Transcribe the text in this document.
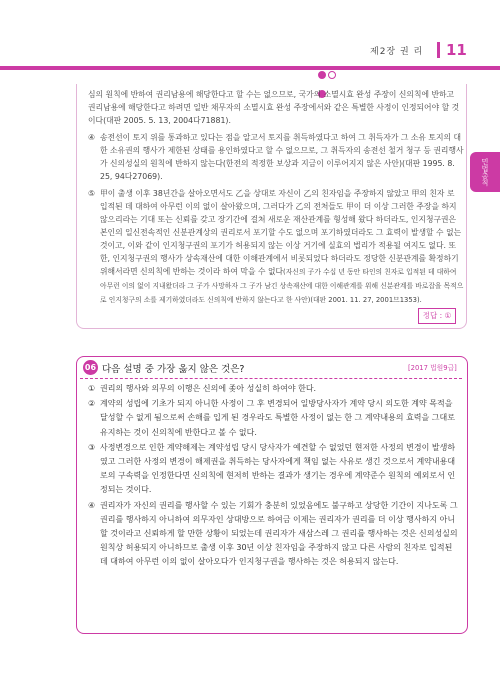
제2장 권 리 11
민법총칙

심의 원칙에 반하여 권리남용에 해당한다고 할 수는 없으므로, 국가의 소멸시효 완성 주장이 신의칙에 반하고 권리남용에 해당한다고 하려면 일반 채무자의 소멸시효 완성 주장에서와 같은 특별한 사정이 인정되어야 할 것이다(대판 2005. 5. 13, 2004다71881).

④ 송전선이 토지 위를 통과하고 있다는 점을 알고서 토지를 취득하였다고 하여 그 취득자가 그 소유 토지의 대한 소유권의 행사가 제한된 상태를 용인하였다고 할 수 없으므로, 그 취득자의 송전선 철거 청구 등 권리행사가 신의성실의 원칙에 반하지 않는다(한전의 적정한 보상과 지금이 이루어지지 않은 사안)(대판 1995. 8. 25, 94다27069).
⑤ 甲이 출생 이후 38년간을 살아오면서도 乙을 상대로 자신이 乙의 친자임을 주장하지 않았고 甲의 친자 로 입적된 데 대하여 아무런 이의 없이 살아왔으며, 그러다가 乙의 전처들도 甲이 더 이상 그러한 주장을 하지 않으리라는 기대 또는 신뢰를 갖고 장기간에 걸쳐 새로운 재산관계를 형성해 왔다 하더라도, 인지청구권은 본인의 일신전속적인 신분관계상의 권리로서 포기할 수도 없으며 포기하였더라도 그 효력이 발생할 수 없는 것이고, 이와 같이 인지청구권의 포기가 허용되지 않는 이상 거기에 실효의 법리가 적용될 여지도 없다. 또한, 인지청구권의 행사가 상속재산에 대한 이해관계에서 비롯되었다 하더라도 정당한 신분관계를 확정하기 위해서라면 신의칙에 반하는 것이라 하여 막을 수 없다(자신의 子가 수십 년 동안 타인의 친자로 입적된 데 대하여 아무런 이의 없이 지내왔더라 그 子가 사망하자 그 子가 남긴 상속재산에 대한 이해관계를 위해 신분관계를 바로잡을 목적으로 인지청구의 소를 제기하였더라도 신의칙에 반하지 않는다고 한 사안)(대판 2001. 11. 27, 2001므1353).
정답 : ①
06 다음 설명 중 가장 옳지 않은 것은?	[2017 법원9급]
① 권리의 행사와 의무의 이행은 신의에 좇아 성실히 하여야 한다.
② 계약의 성립에 기초가 되지 아니한 사정이 그 후 변경되어 일방당사자가 계약 당시 의도한 계약 목적을 달성할 수 없게 됨으로써 손해를 입게 된 경우라도 특별한 사정이 없는 한 그 계약내용의 효력을 그대로 유지하는 것이 신의칙에 반한다고 볼 수 없다.
③ 사정변경으로 인한 계약해제는 계약성립 당시 당사자가 예견할 수 없었던 현저한 사정의 변경이 발생하였고 그러한 사정의 변경이 해제권을 취득하는 당사자에게 책임 없는 사유로 생긴 것으로서 계약내용대로의 구속력을 인정한다면 신의칙에 현저히 반하는 결과가 생기는 경우에 계약준수 원칙의 예외로서 인정되는 것이다.
④ 권리자가 자신의 권리를 행사할 수 있는 기회가 충분히 있었음에도 불구하고 상당한 기간이 지나도록 그 권리를 행사하지 아니하여 의무자인 상대방으로 하여금 이제는 권리자가 권리를 더 이상 행사하지 아니할 것이라고 신뢰하게 할 만한 상황이 되었는데 권리자가 새삼스레 그 권리를 행사하는 것은 신의성실의 원칙상 허용되지 아니하므로 출생 이후 30년 이상 친자임을 주장하지 않고 다른 사람의 친자로 입적된 데 대하여 아무런 이의 없이 살아오다가 인지청구권을 행사하는 것은 허용되지 않는다.
